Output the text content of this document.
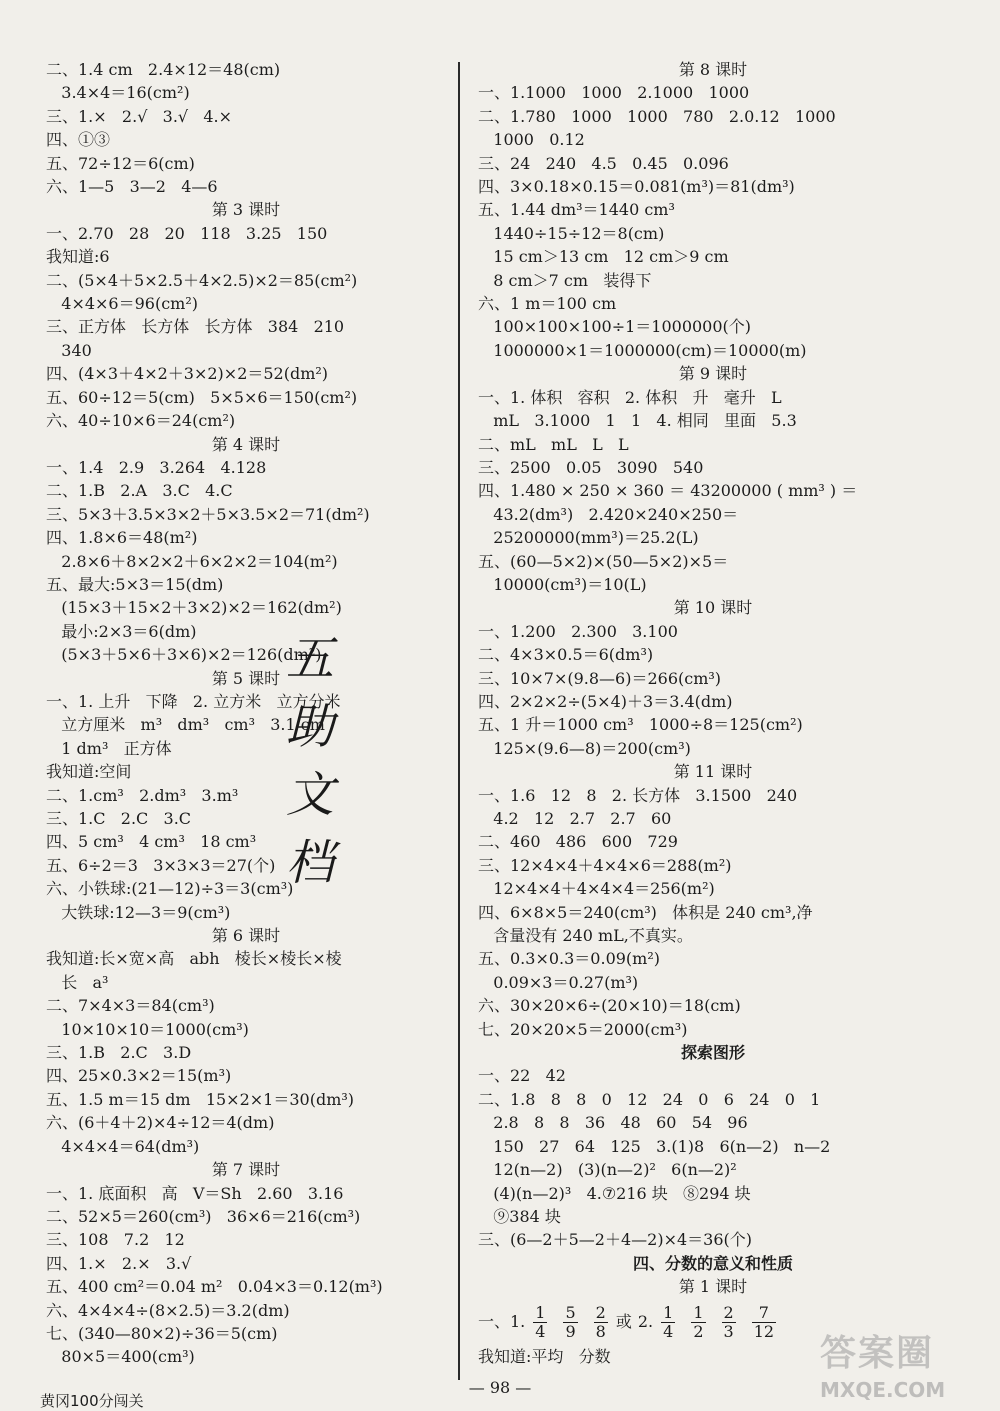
二、1.4 cm   2.4×12＝48(cm)
3.4×4＝16(cm²)
三、1.×   2.√   3.√   4.×
四、①③
五、72÷12＝6(cm)
六、1—5   3—2   4—6
第 3 课时
一、2.70   28   20   118   3.25   150
我知道:6
二、(5×4＋5×2.5＋4×2.5)×2＝85(cm²)
4×4×6＝96(cm²)
三、正方体   长方体   长方体   384   210
340
四、(4×3＋4×2＋3×2)×2＝52(dm²)
五、60÷12＝5(cm)   5×5×6＝150(cm²)
六、40÷10×6＝24(cm²)
第 4 课时
一、1.4   2.9   3.264   4.128
二、1.B   2.A   3.C   4.C
三、5×3＋3.5×3×2＋5×3.5×2＝71(dm²)
四、1.8×6＝48(m²)
2.8×6＋8×2×2＋6×2×2＝104(m²)
五、最大:5×3＝15(dm)
(15×3＋15×2＋3×2)×2＝162(dm²)
最小:2×3＝6(dm)
(5×3＋5×6＋3×6)×2＝126(dm²)
第 5 课时
一、1. 上升   下降   2. 立方米   立方分米
立方厘米   m³   dm³   cm³   3.1 cm
1 dm³   正方体
我知道:空间
二、1.cm³   2.dm³   3.m³
三、1.C   2.C   3.C
四、5 cm³   4 cm³   18 cm³
五、6÷2＝3   3×3×3＝27(个)
六、小铁球:(21—12)÷3＝3(cm³)
大铁球:12—3＝9(cm³)
第 6 课时
我知道:长×宽×高   abh   棱长×棱长×棱
长   a³
二、7×4×3＝84(cm³)
10×10×10＝1000(cm³)
三、1.B   2.C   3.D
四、25×0.3×2＝15(m³)
五、1.5 m＝15 dm   15×2×1＝30(dm³)
六、(6＋4＋2)×4÷12＝4(dm)
4×4×4＝64(dm³)
第 7 课时
一、1. 底面积   高   V＝Sh   2.60   3.16
二、52×5＝260(cm³)   36×6＝216(cm³)
三、108   7.2   12
四、1.×   2.×   3.√
五、400 cm²＝0.04 m²   0.04×3＝0.12(m³)
六、4×4×4÷(8×2.5)＝3.2(dm)
七、(340—80×2)÷36＝5(cm)
80×5＝400(cm³)
第 8 课时
一、1.1000   1000   2.1000   1000
二、1.780   1000   1000   780   2.0.12   1000
1000   0.12
三、24   240   4.5   0.45   0.096
四、3×0.18×0.15＝0.081(m³)＝81(dm³)
五、1.44 dm³＝1440 cm³
1440÷15÷12＝8(cm)
15 cm＞13 cm   12 cm＞9 cm
8 cm＞7 cm   装得下
六、1 m＝100 cm
100×100×100÷1＝1000000(个)
1000000×1＝1000000(cm)＝10000(m)
第 9 课时
一、1. 体积   容积   2. 体积   升   毫升   L
mL   3.1000   1   1   4. 相同   里面   5.3
二、mL   mL   L   L
三、2500   0.05   3090   540
四、1.480 × 250 × 360 ＝ 43200000 ( mm³ ) ＝
43.2(dm³)   2.420×240×250＝
25200000(mm³)＝25.2(L)
五、(60—5×2)×(50—5×2)×5＝
10000(cm³)＝10(L)
第 10 课时
一、1.200   2.300   3.100
二、4×3×0.5＝6(dm³)
三、10×7×(9.8—6)＝266(cm³)
四、2×2×2÷(5×4)＋3＝3.4(dm)
五、1 升＝1000 cm³   1000÷8＝125(cm²)
125×(9.6—8)＝200(cm³)
第 11 课时
一、1.6   12   8   2. 长方体   3.1500   240
4.2   12   2.7   2.7   60
二、460   486   600   729
三、12×4×4＋4×4×6＝288(m²)
12×4×4＋4×4×4＝256(m²)
四、6×8×5＝240(cm³)   体积是 240 cm³,净
含量没有 240 mL,不真实。
五、0.3×0.3＝0.09(m²)
0.09×3＝0.27(m³)
六、30×20×6÷(20×10)＝18(cm)
七、20×20×5＝2000(cm³)
探索图形
一、22   42
二、1.8   8   8   0   12   24   0   6   24   0   1
2.8   8   8   36   48   60   54   96
150   27   64   125   3.(1)8   6(n—2)   n—2
12(n—2)   (3)(n—2)²   6(n—2)²
(4)(n—2)³   4.⑦216 块   ⑧294 块
⑨384 块
三、(6—2＋5—2＋4—2)×4＝36(个)
四、分数的意义和性质
第 1 课时
一、1. $\frac{1}{4} \frac{5}{9} \frac{2}{8}$ 或 2. $\frac{1}{4} \frac{1}{2} \frac{2}{3} \frac{7}{12}$
我知道:平均   分数
五
助
文
档
— 98 —
黄冈100分闯关
答案圈
MXQE.COM
